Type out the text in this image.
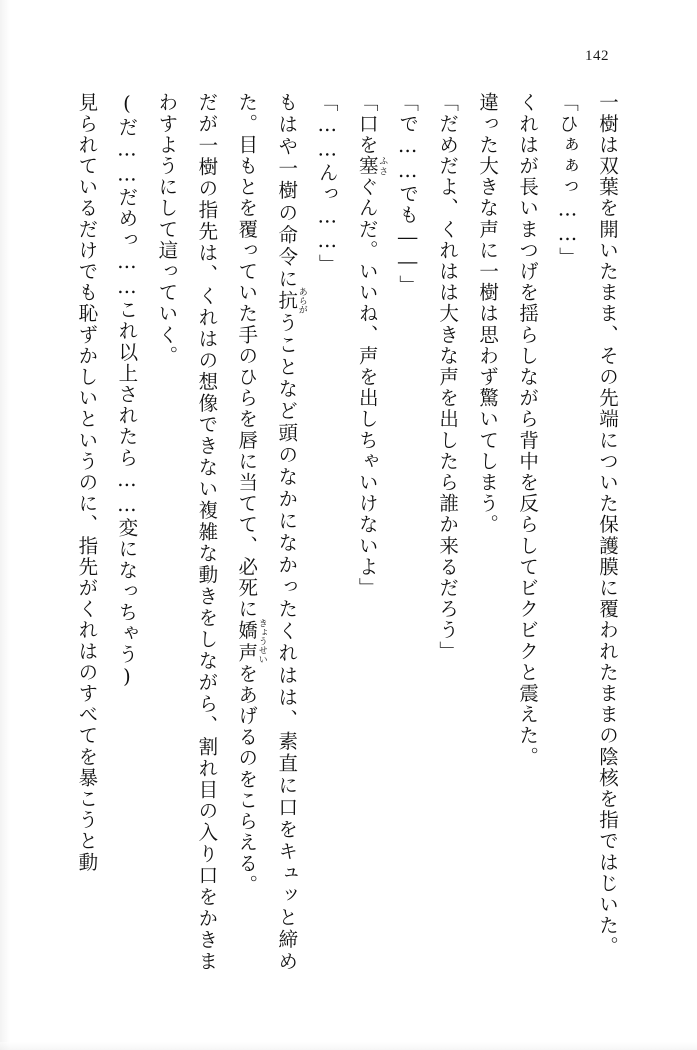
142

一樹は双葉を開いたまま、その先端についた保護膜に覆われたままの陰核を指ではじいた。

「ひぁぁっ……」

くれはが長いまつげを揺らしながら背中を反らしてビクビクと震えた。

違った大きな声に一樹は思わず驚いてしまう。

「だめだよ、くれはは大きな声を出したら誰か来るだろう」

「で……でも――」

「口を塞ふさぐんだ。いいね、声を出しちゃいけないよ」

「……んっ……」

もはや一樹の命令に抗あらがうことなど頭のなかになかったくれはは、素直に口をキュッと締めた。目もとを覆っていた手のひらを唇に当てて、必死に嬌声きょうせいをあげるのをこらえる。

だが一樹の指先は、くれはの想像できない複雑な動きをしながら、割れ目の入り口をかきまわすようにして這っていく。

(だ……だめっ……これ以上されたら……変になっちゃう)

見られているだけでも恥ずかしいというのに、指先がくれはのすべてを暴こうと動
